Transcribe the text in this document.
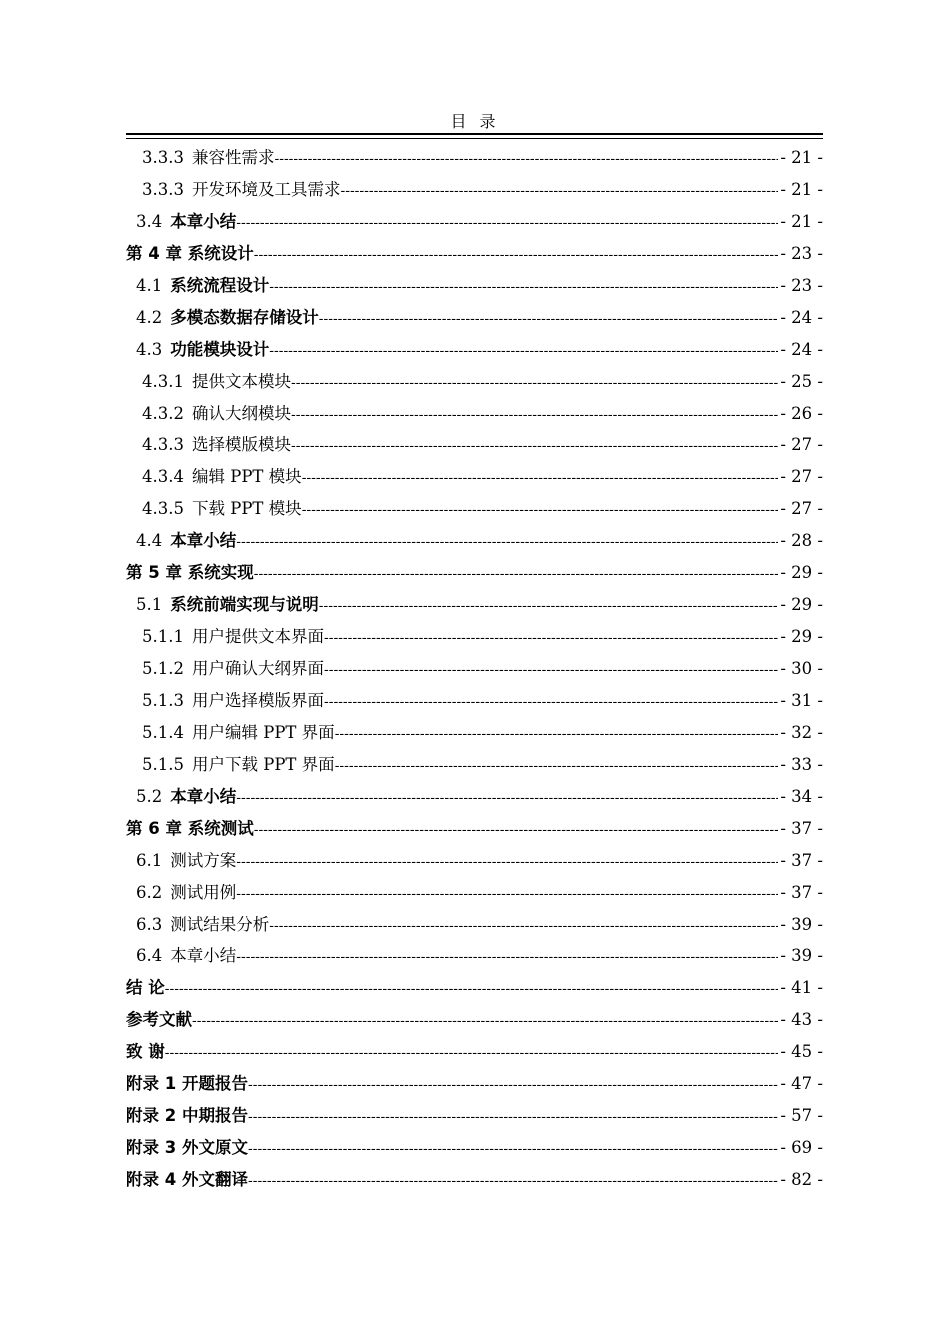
目 录
3.3.3 兼容性需求 -----	- 21 -
3.3.3 开发环境及工具需求 -----	- 21 -
3.4 本章小结 -----	- 21 -
第 4 章 系统设计 -----	- 23 -
4.1 系统流程设计 -----	- 23 -
4.2 多模态数据存储设计 -----	- 24 -
4.3 功能模块设计 -----	- 24 -
4.3.1 提供文本模块 -----	- 25 -
4.3.2 确认大纲模块 -----	- 26 -
4.3.3 选择模版模块 -----	- 27 -
4.3.4 编辑 PPT 模块 -----	- 27 -
4.3.5 下载 PPT 模块 -----	- 27 -
4.4 本章小结 -----	- 28 -
第 5 章 系统实现 -----	- 29 -
5.1 系统前端实现与说明 -----	- 29 -
5.1.1 用户提供文本界面 -----	- 29 -
5.1.2 用户确认大纲界面 -----	- 30 -
5.1.3 用户选择模版界面 -----	- 31 -
5.1.4 用户编辑 PPT 界面 -----	- 32 -
5.1.5 用户下载 PPT 界面 -----	- 33 -
5.2 本章小结 -----	- 34 -
第 6 章 系统测试 -----	- 37 -
6.1 测试方案 -----	- 37 -
6.2 测试用例 -----	- 37 -
6.3 测试结果分析 -----	- 39 -
6.4 本章小结 -----	- 39 -
结 论 -----	- 41 -
参考文献 -----	- 43 -
致 谢 -----	- 45 -
附录 1 开题报告 -----	- 47 -
附录 2 中期报告 -----	- 57 -
附录 3 外文原文 -----	- 69 -
附录 4 外文翻译 -----	- 82 -
